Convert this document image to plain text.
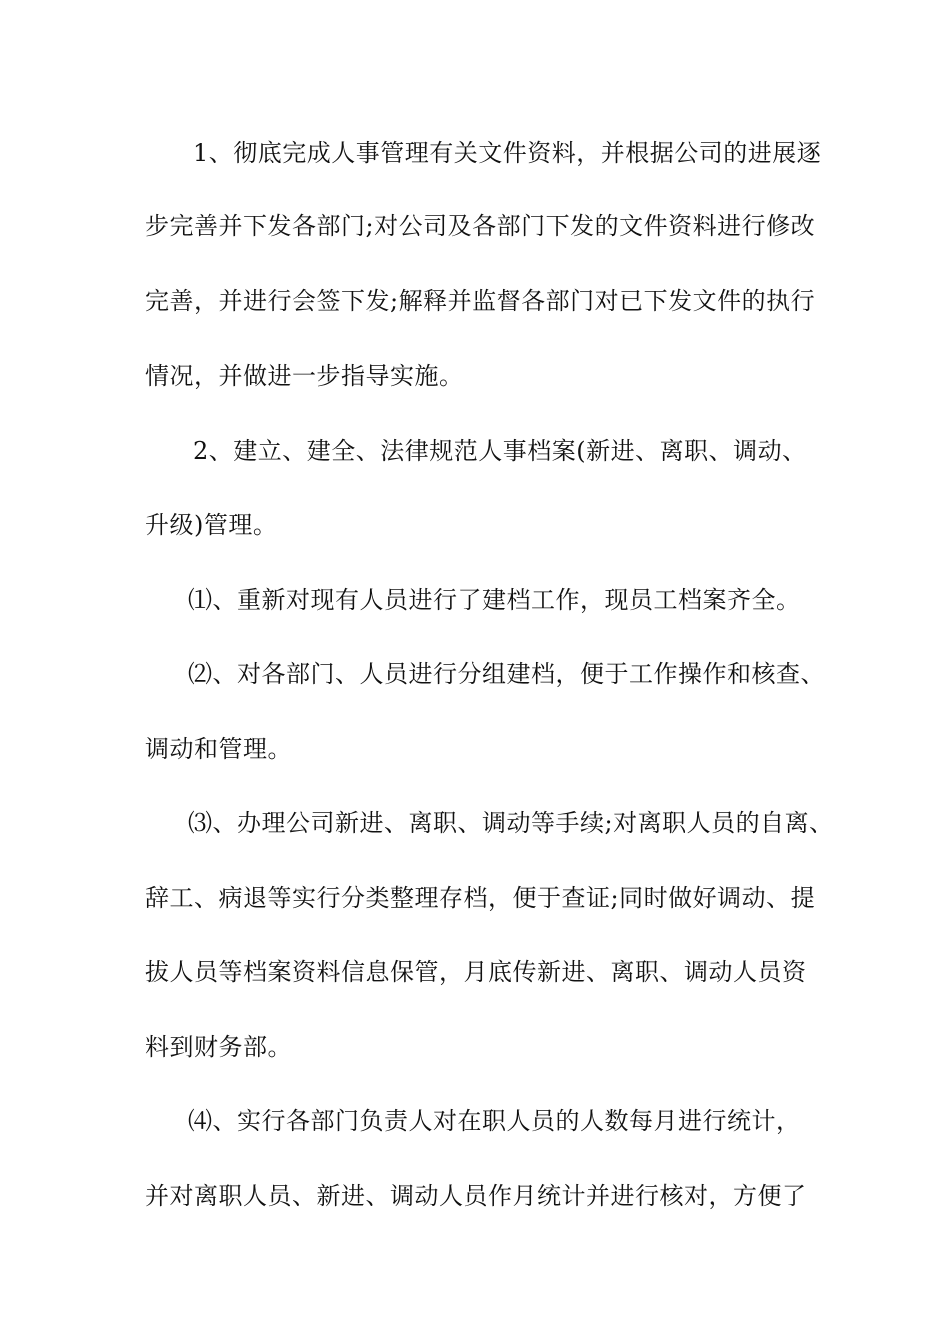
1、彻底完成人事管理有关文件资料，并根据公司的进展逐
步完善并下发各部门;对公司及各部门下发的文件资料进行修改
完善，并进行会签下发;解释并监督各部门对已下发文件的执行
情况，并做进一步指导实施。
2、建立、建全、法律规范人事档案(新进、离职、调动、
升级)管理。
⑴、重新对现有人员进行了建档工作，现员工档案齐全。
⑵、对各部门、人员进行分组建档，便于工作操作和核查、
调动和管理。
⑶、办理公司新进、离职、调动等手续;对离职人员的自离、
辞工、病退等实行分类整理存档，便于查证;同时做好调动、提
拔人员等档案资料信息保管，月底传新进、离职、调动人员资
料到财务部。
⑷、实行各部门负责人对在职人员的人数每月进行统计，
并对离职人员、新进、调动人员作月统计并进行核对，方便了
